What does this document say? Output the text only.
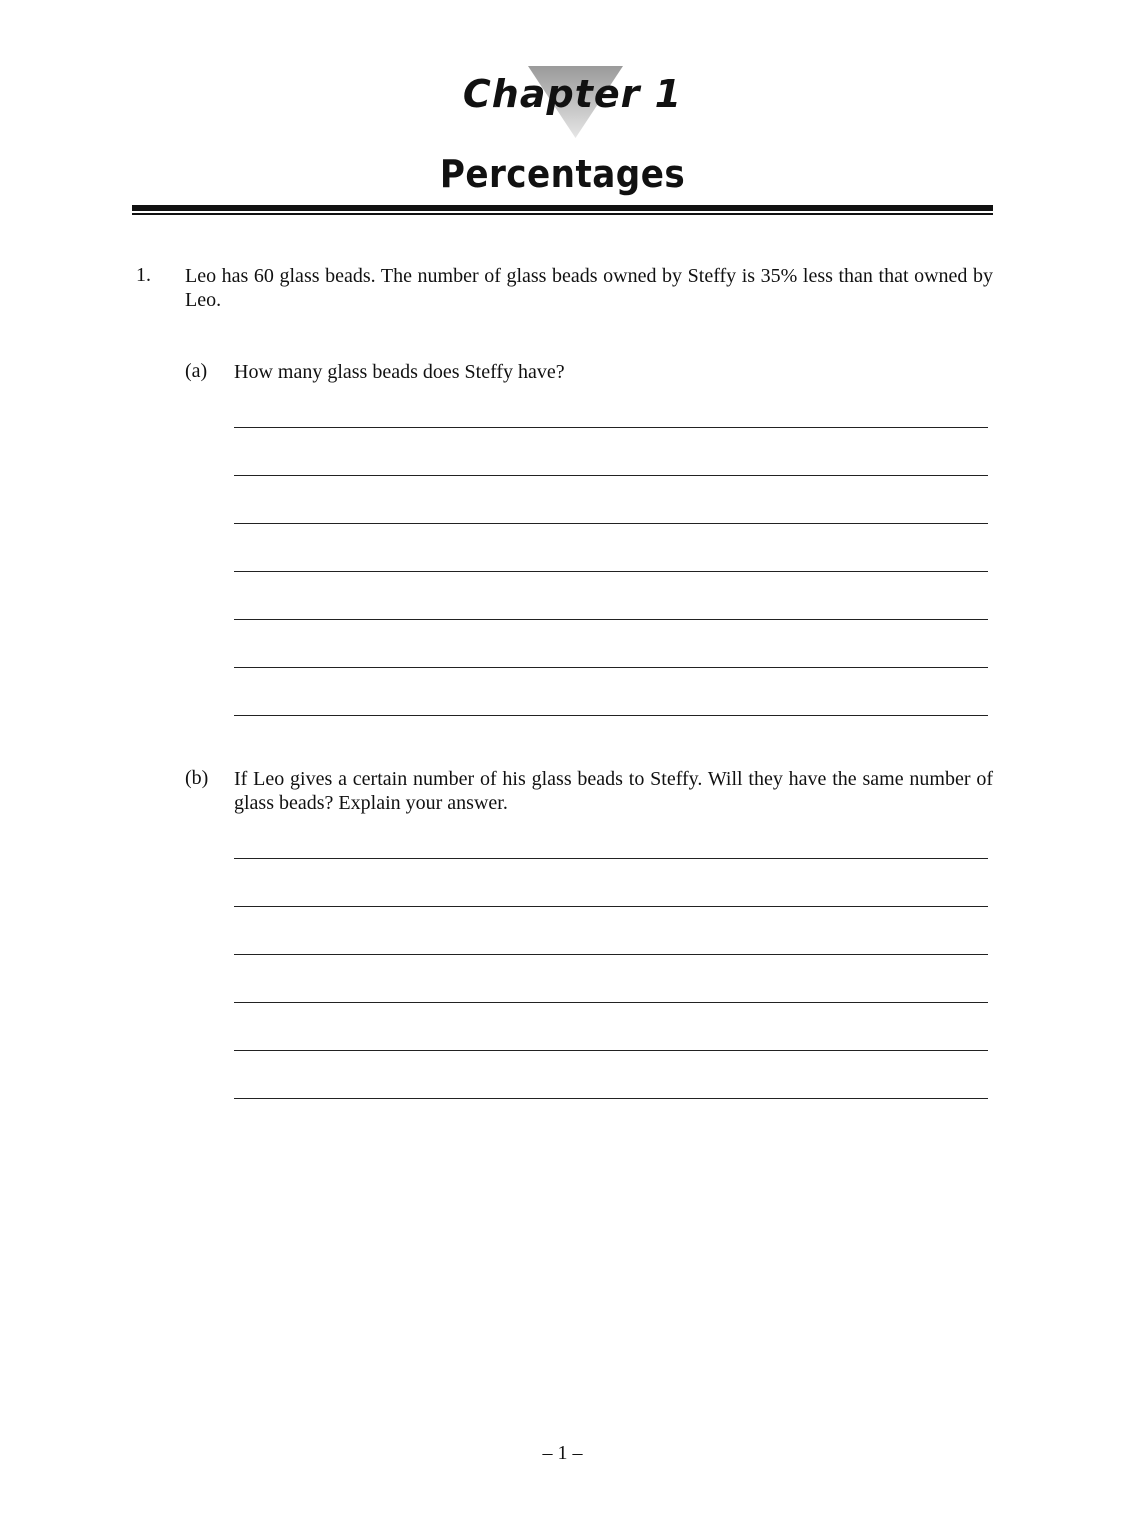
Chapter 1
Percentages
1. Leo has 60 glass beads. The number of glass beads owned by Steffy is 35% less than that owned by Leo.
(a) How many glass beads does Steffy have?
(b) If Leo gives a certain number of his glass beads to Steffy. Will they have the same number of glass beads? Explain your answer.
– 1 –
